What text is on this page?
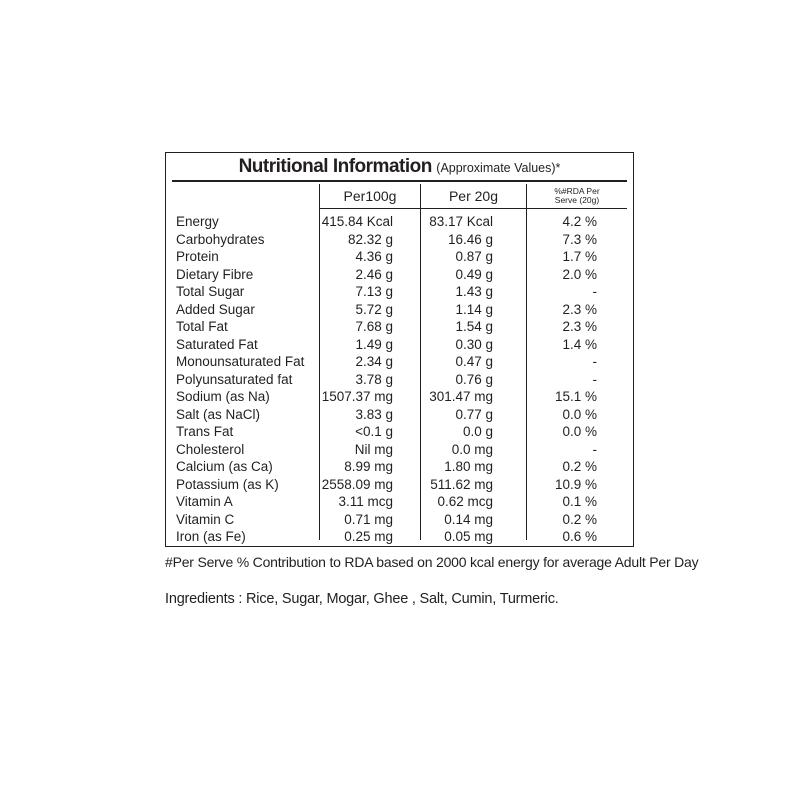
Nutritional Information (Approximate Values)*
Per100g	Per 20g	%#RDA Per
Serve (20g)
Energy	415.84 Kcal	83.17 Kcal	4.2 %
Carbohydrates	82.32 g	16.46 g	7.3 %
Protein	4.36 g	0.87 g	1.7 %
Dietary Fibre	2.46 g	0.49 g	2.0 %
Total Sugar	7.13 g	1.43 g	-
Added Sugar	5.72 g	1.14 g	2.3 %
Total Fat	7.68 g	1.54 g	2.3 %
Saturated Fat	1.49 g	0.30 g	1.4 %
Monounsaturated Fat	2.34 g	0.47 g	-
Polyunsaturated fat	3.78 g	0.76 g	-
Sodium (as Na)	1507.37 mg	301.47 mg	15.1 %
Salt (as NaCl)	3.83 g	0.77 g	0.0 %
Trans Fat	<0.1 g	0.0 g	0.0 %
Cholesterol	Nil mg	0.0 mg	-
Calcium (as Ca)	8.99 mg	1.80 mg	0.2 %
Potassium (as K)	2558.09 mg	511.62 mg	10.9 %
Vitamin A	3.11 mcg	0.62 mcg	0.1 %
Vitamin C	0.71 mg	0.14 mg	0.2 %
Iron (as Fe)	0.25 mg	0.05 mg	0.6 %
#Per Serve % Contribution to RDA based on 2000 kcal energy for average Adult Per Day
Ingredients : Rice, Sugar, Mogar, Ghee , Salt, Cumin, Turmeric.
